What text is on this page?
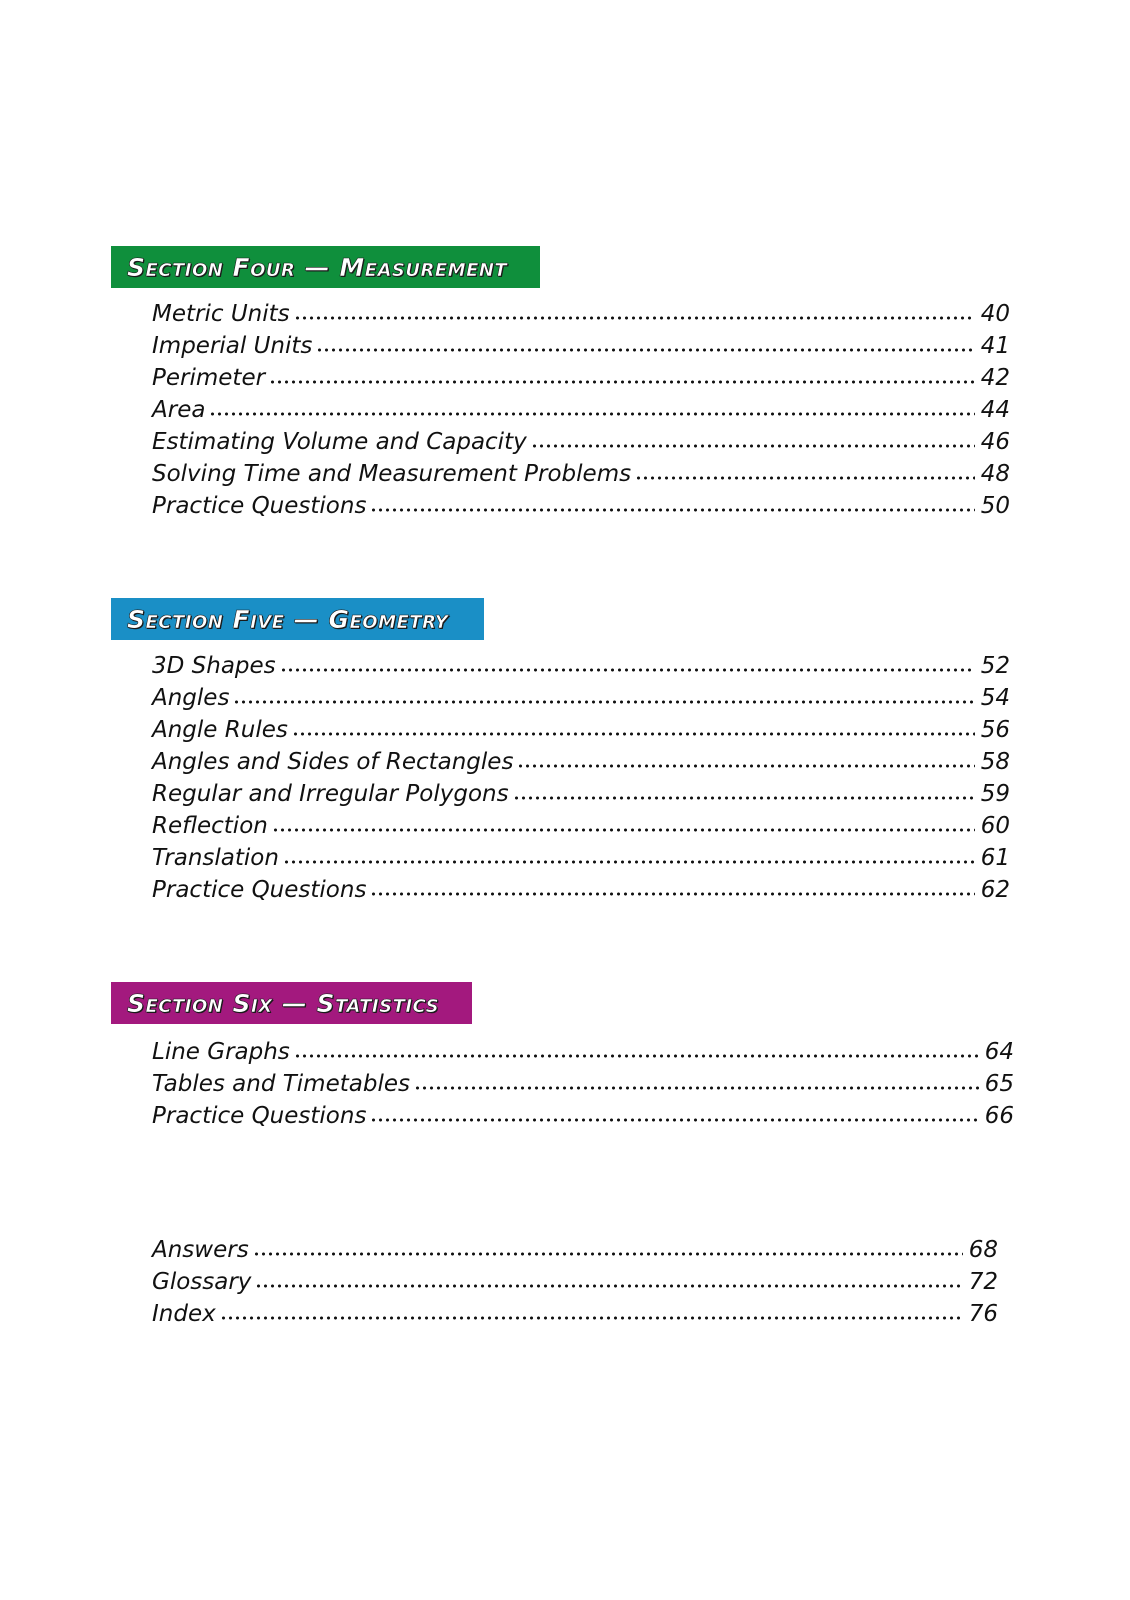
Section Four — Measurement
Metric Units	40
Imperial Units	41
Perimeter	42
Area	44
Estimating Volume and Capacity	46
Solving Time and Measurement Problems	48
Practice Questions	50
Section Five — Geometry
3D Shapes	52
Angles	54
Angle Rules	56
Angles and Sides of Rectangles	58
Regular and Irregular Polygons	59
Reflection	60
Translation	61
Practice Questions	62
Section Six — Statistics
Line Graphs	64
Tables and Timetables	65
Practice Questions	66
Answers	68
Glossary	72
Index	76
